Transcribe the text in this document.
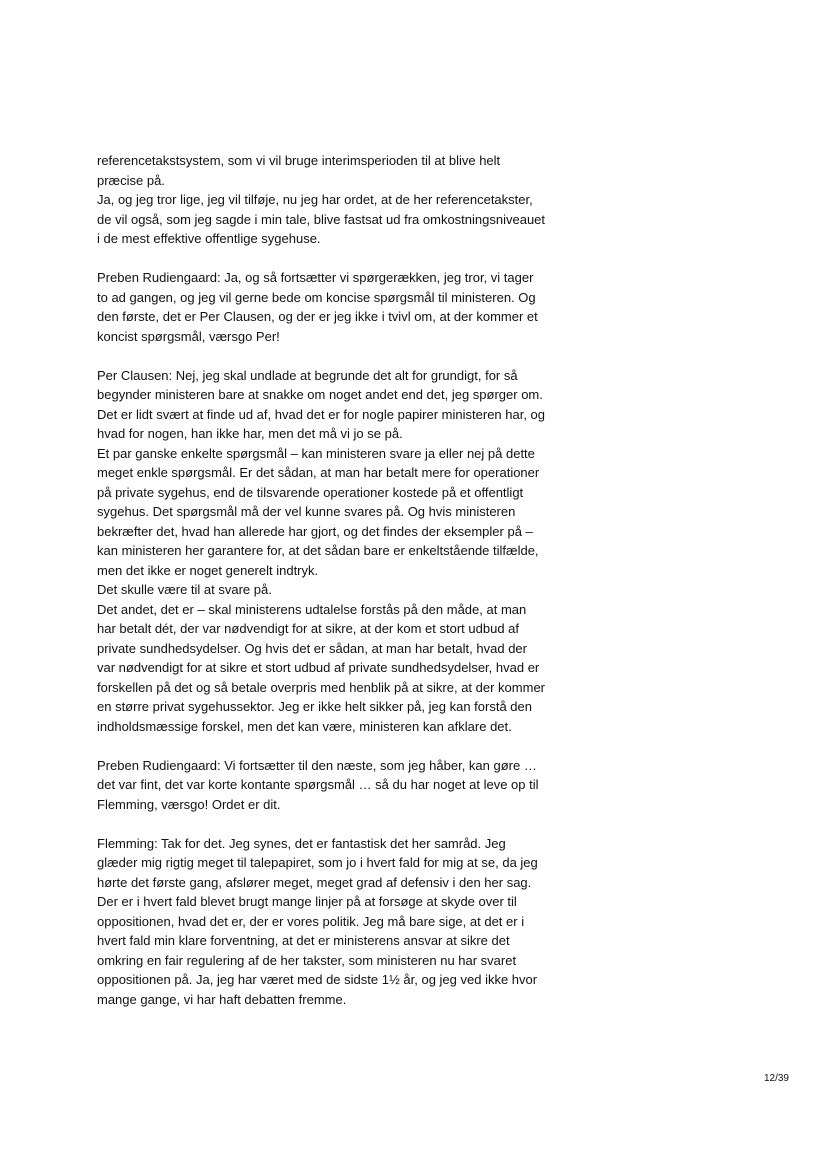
referencetakstsystem, som vi vil bruge interimsperioden til at blive helt
præcise på.
Ja, og jeg tror lige, jeg vil tilføje, nu jeg har ordet, at de her referencetakster,
de vil også, som jeg sagde i min tale, blive fastsat ud fra omkostningsniveauet
i de mest effektive offentlige sygehuse.

Preben Rudiengaard: Ja, og så fortsætter vi spørgerækken, jeg tror, vi tager
to ad gangen, og jeg vil gerne bede om koncise spørgsmål til ministeren. Og
den første, det er Per Clausen, og der er jeg ikke i tvivl om, at der kommer et
koncist spørgsmål, værsgo Per!

Per Clausen: Nej, jeg skal undlade at begrunde det alt for grundigt, for så
begynder ministeren bare at snakke om noget andet end det, jeg spørger om.
Det er lidt svært at finde ud af, hvad det er for nogle papirer ministeren har, og
hvad for nogen, han ikke har, men det må vi jo se på.
Et par ganske enkelte spørgsmål – kan ministeren svare ja eller nej på dette
meget enkle spørgsmål. Er det sådan, at man har betalt mere for operationer
på private sygehus, end de tilsvarende operationer kostede på et offentligt
sygehus. Det spørgsmål må der vel kunne svares på. Og hvis ministeren
bekræfter det, hvad han allerede har gjort, og det findes der eksempler på –
kan ministeren her garantere for, at det sådan bare er enkeltstående tilfælde,
men det ikke er noget generelt indtryk.
Det skulle være til at svare på.
Det andet, det er – skal ministerens udtalelse forstås på den måde, at man
har betalt dét, der var nødvendigt for at sikre, at der kom et stort udbud af
private sundhedsydelser. Og hvis det er sådan, at man har betalt, hvad der
var nødvendigt for at sikre et stort udbud af private sundhedsydelser, hvad er
forskellen på det og så betale overpris med henblik på at sikre, at der kommer
en større privat sygehussektor. Jeg er ikke helt sikker på, jeg kan forstå den
indholdsmæssige forskel, men det kan være, ministeren kan afklare det.

Preben Rudiengaard: Vi fortsætter til den næste, som jeg håber, kan gøre …
det var fint, det var korte kontante spørgsmål … så du har noget at leve op til
Flemming, værsgo! Ordet er dit.

Flemming: Tak for det. Jeg synes, det er fantastisk det her samråd. Jeg
glæder mig rigtig meget til talepapiret, som jo i hvert fald for mig at se, da jeg
hørte det første gang, afslører meget, meget grad af defensiv i den her sag.
Der er i hvert fald blevet brugt mange linjer på at forsøge at skyde over til
oppositionen, hvad det er, der er vores politik. Jeg må bare sige, at det er i
hvert fald min klare forventning, at det er ministerens ansvar at sikre det
omkring en fair regulering af de her takster, som ministeren nu har svaret
oppositionen på. Ja, jeg har været med de sidste 1½ år, og jeg ved ikke hvor
mange gange, vi har haft debatten fremme.

12/39
